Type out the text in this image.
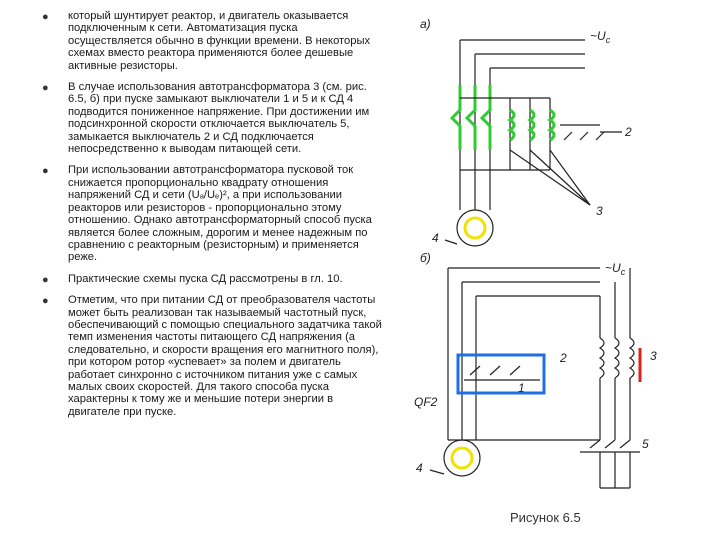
● который шунтирует реактор, и двигатель оказывается подключенным к сети. Автоматизация пуска осуществляется обычно в функции времени. В некоторых схемах вместо реактора применяются более дешевые активные резисторы.

● В случае использования автотрансформатора 3 (см. рис. 6.5, б) при пуске замыкают выключатели 1 и 5 и к СД 4 подводится пониженное напряжение. При достижении им подсинхронной скорости отключается выключатель 5, замыкается выключатель 2 и СД подключается непосредственно к выводам питающей сети.

● При использовании автотрансформатора пусковой ток снижается пропорционально квадрату отношения напряжений СД и сети (Uₐ/Uₑ)², а при использовании реакторов или резисторов - пропорционально этому отношению. Однако автотрансформаторный способ пуска является более сложным, дорогим и менее надежным по сравнению с реакторным (резисторным) и применяется реже.

● Практические схемы пуска СД рассмотрены в гл. 10.

● Отметим, что при питании СД от преобразователя частоты может быть реализован так называемый частотный пуск, обеспечивающий с помощью специального задатчика такой темп изменения частоты питающего СД напряжения (а следовательно, и скорости вращения его магнитного поля), при котором ротор «успевает» за полем и двигатель работает синхронно с источником питания уже с самых малых своих скоростей. Для такого способа пуска характерны к тому же и меньшие потери энергии в двигателе при пуске.

а)
$\sim U_c$
2
3
4
б)
$\sim U_c$
2	3
4
5
QF2
1
Рисунок 6.5
